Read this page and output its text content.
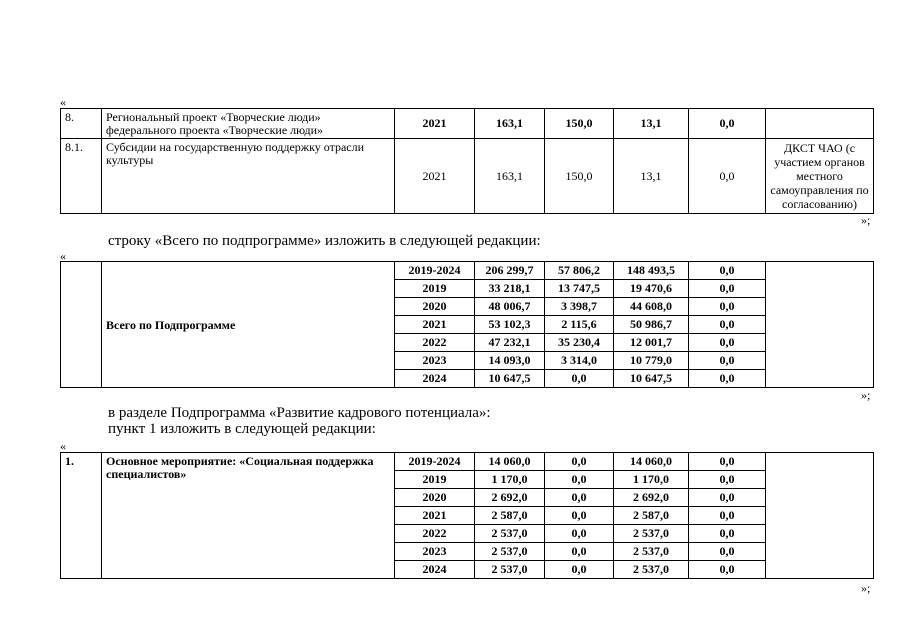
«
8.	Региональный проект «Творческие люди» федерального проекта «Творческие люди»	2021	163,1	150,0	13,1	0,0	
8.1.	Субсидии на государственную поддержку отрасли культуры	2021	163,1	150,0	13,1	0,0	ДКСТ ЧАО (с участием органов местного самоуправления по согласованию)
»;
строку «Всего по подпрограмме» изложить в следующей редакции:
«
	Всего по Подпрограмме	2019-2024	206 299,7	57 806,2	148 493,5	0,0	
		2019	33 218,1	13 747,5	19 470,6	0,0	
		2020	48 006,7	3 398,7	44 608,0	0,0	
		2021	53 102,3	2 115,6	50 986,7	0,0	
		2022	47 232,1	35 230,4	12 001,7	0,0	
		2023	14 093,0	3 314,0	10 779,0	0,0	
		2024	10 647,5	0,0	10 647,5	0,0	
»;
в разделе Подпрограмма «Развитие кадрового потенциала»:
пункт 1 изложить в следующей редакции:
«
1.	Основное мероприятие: «Социальная поддержка специалистов»	2019-2024	14 060,0	0,0	14 060,0	0,0	
		2019	1 170,0	0,0	1 170,0	0,0	
		2020	2 692,0	0,0	2 692,0	0,0	
		2021	2 587,0	0,0	2 587,0	0,0	
		2022	2 537,0	0,0	2 537,0	0,0	
		2023	2 537,0	0,0	2 537,0	0,0	
		2024	2 537,0	0,0	2 537,0	0,0	
»;
